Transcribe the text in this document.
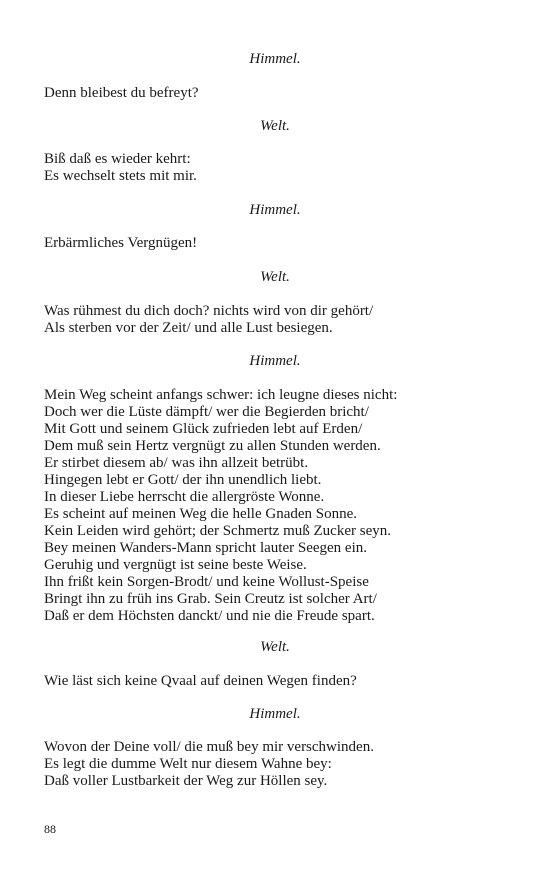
Himmel.

Denn bleibest du befreyt?

Welt.

Biß daß es wieder kehrt:
Es wechselt stets mit mir.

Himmel.

Erbärmliches Vergnügen!

Welt.

Was rühmest du dich doch? nichts wird von dir gehört/
Als sterben vor der Zeit/ und alle Lust besiegen.

Himmel.

Mein Weg scheint anfangs schwer: ich leugne dieses nicht:
Doch wer die Lüste dämpft/ wer die Begierden bricht/
Mit Gott und seinem Glück zufrieden lebt auf Erden/
Dem muß sein Hertz vergnügt zu allen Stunden werden.
Er stirbet diesem ab/ was ihn allzeit betrübt.
Hingegen lebt er Gott/ der ihn unendlich liebt.
In dieser Liebe herrscht die allergröste Wonne.
Es scheint auf meinen Weg die helle Gnaden Sonne.
Kein Leiden wird gehört; der Schmertz muß Zucker seyn.
Bey meinen Wanders-Mann spricht lauter Seegen ein.
Geruhig und vergnügt ist seine beste Weise.
Ihn frißt kein Sorgen-Brodt/ und keine Wollust-Speise
Bringt ihn zu früh ins Grab. Sein Creutz ist solcher Art/
Daß er dem Höchsten danckt/ und nie die Freude spart.

Welt.

Wie läst sich keine Qvaal auf deinen Wegen finden?

Himmel.

Wovon der Deine voll/ die muß bey mir verschwinden.
Es legt die dumme Welt nur diesem Wahne bey:
Daß voller Lustbarkeit der Weg zur Höllen sey.

88
